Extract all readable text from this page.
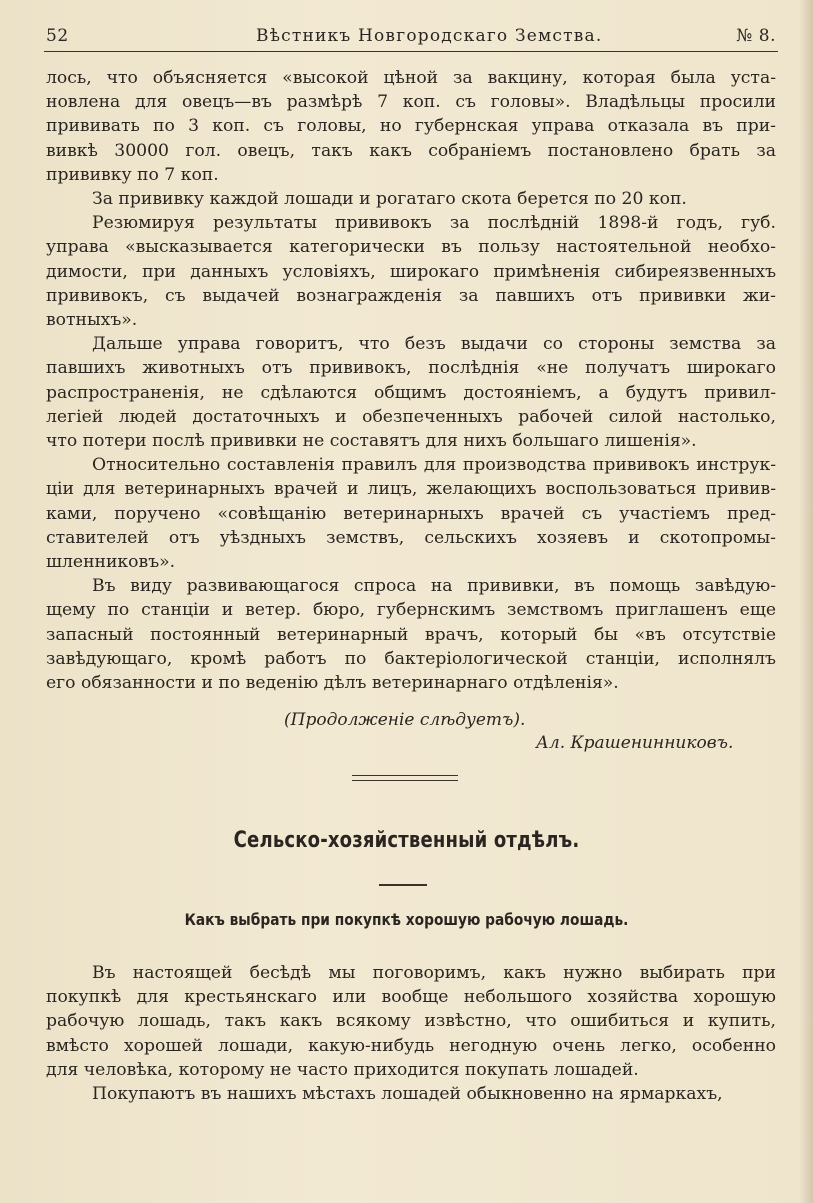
52	Вѣстникъ Новгородскаго Земства.	№ 8.

лось, что объясняется «высокой цѣной за вакцину, которая была уста-

новлена для овецъ—въ размѣрѣ 7 коп. съ головы». Владѣльцы просили

прививать по 3 коп. съ головы, но губернская управа отказала въ при-

вивкѣ 30000 гол. овецъ, такъ какъ собраніемъ постановлено брать за

прививку по 7 коп.

За прививку каждой лошади и рогатаго скота берется по 20 коп.

Резюмируя результаты прививокъ за послѣдній 1898-й годъ, губ.

управа «высказывается категорически въ пользу настоятельной необхо-

димости, при данныхъ условіяхъ, широкаго примѣненія сибиреязвенныхъ

прививокъ, съ выдачей вознагражденія за павшихъ отъ прививки жи-

вотныхъ».

Дальше управа говоритъ, что безъ выдачи со стороны земства за

павшихъ животныхъ отъ прививокъ, послѣднія «не получатъ широкаго

распространенія, не сдѣлаются общимъ достояніемъ, а будутъ привил-

легіей людей достаточныхъ и обезпеченныхъ рабочей силой настолько,

что потери послѣ прививки не составятъ для нихъ большаго лишенія».

Относительно составленія правилъ для производства прививокъ инструк-

ціи для ветеринарныхъ врачей и лицъ, желающихъ воспользоваться привив-

ками, поручено «совѣщанію ветеринарныхъ врачей съ участіемъ пред-

ставителей отъ уѣздныхъ земствъ, сельскихъ хозяевъ и скотопромы-

шленниковъ».

Въ виду развивающагося спроса на прививки, въ помощь завѣдую-

щему по станціи и ветер. бюро, губернскимъ земствомъ приглашенъ еще

запасный постоянный ветеринарный врачъ, который бы «въ отсутствіе

завѣдующаго, кромѣ работъ по бактеріологической станціи, исполнялъ

его обязанности и по веденію дѣлъ ветеринарнаго отдѣленія».

(Продолженіе слѣдуетъ).
Ал. Крашенинниковъ.
Сельско-хозяйственный отдѣлъ.
Какъ выбрать при покупкѣ хорошую рабочую лошадь.

Въ настоящей бесѣдѣ мы поговоримъ, какъ нужно выбирать при

покупкѣ для крестьянскаго или вообще небольшого хозяйства хорошую

рабочую лошадь, такъ какъ всякому извѣстно, что ошибиться и купить,

вмѣсто хорошей лошади, какую-нибудь негодную очень легко, особенно

для человѣка, которому не часто приходится покупать лошадей.

Покупаютъ въ нашихъ мѣстахъ лошадей обыкновенно на ярмаркахъ,
